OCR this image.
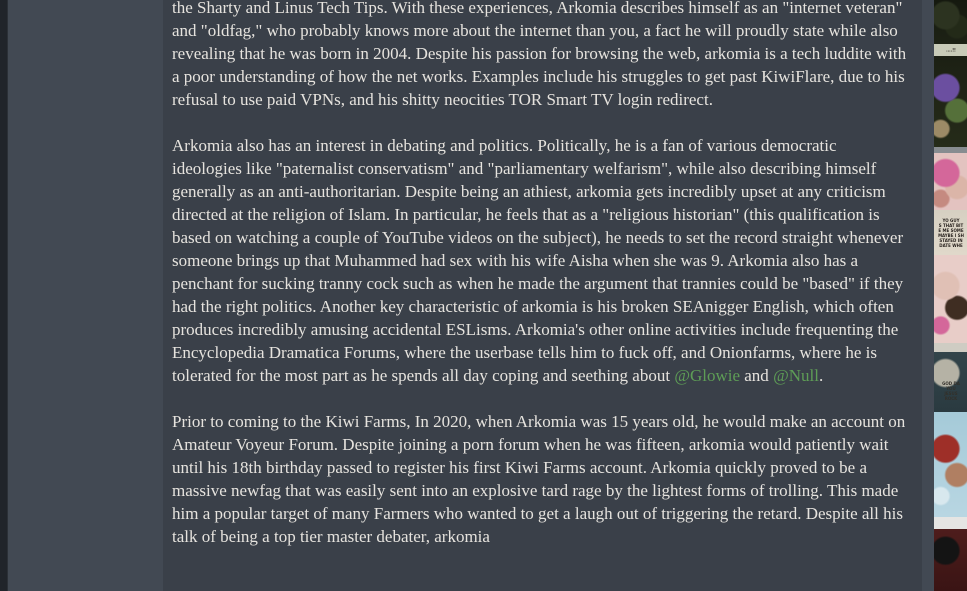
the Sharty and Linus Tech Tips. With these experiences, Arkomia describes himself as an "internet veteran" and "oldfag," who probably knows more about the internet than you, a fact he will proudly state while also revealing that he was born in 2004. Despite his passion for browsing the web, arkomia is a tech luddite with a poor understanding of how the net works. Examples include his struggles to get past KiwiFlare, due to his refusal to use paid VPNs, and his shitty neocities TOR Smart TV login redirect.

Arkomia also has an interest in debating and politics. Politically, he is a fan of various democratic ideologies like "paternalist conservatism" and "parliamentary welfarism", while also describing himself generally as an anti-authoritarian. Despite being an athiest, arkomia gets incredibly upset at any criticism directed at the religion of Islam. In particular, he feels that as a "religious historian" (this qualification is based on watching a couple of YouTube videos on the subject), he needs to set the record straight whenever someone brings up that Muhammed had sex with his wife Aisha when she was 9. Arkomia also has a penchant for sucking tranny cock such as when he made the argument that trannies could be "based" if they had the right politics. Another key characteristic of arkomia is his broken SEAnigger English, which often produces incredibly amusing accidental ESLisms. Arkomia's other online activities include frequenting the Encyclopedia Dramatica Forums, where the userbase tells him to fuck off, and Onionfarms, where he is tolerated for the most part as he spends all day coping and seething about @Glowie and @Null.

Prior to coming to the Kiwi Farms, In 2020, when Arkomia was 15 years old, he would make an account on Amateur Voyeur Forum. Despite joining a porn forum when he was fifteen, arkomia would patiently wait until his 18th birthday passed to register his first Kiwi Farms account. Arkomia quickly proved to be a massive newfag that was easily sent into an explosive tard rage by the lightest forms of trolling. This made him a popular target of many Farmers who wanted to get a laugh out of triggering the retard. Despite all his talk of being a top tier master debater, arkomia

....!!
YO GUY
S THAT BIT
E ME SOME
MAYBE I SH
STAYED IN
DATE WHE
GOD DA
YOU
JESUS
ROCK
